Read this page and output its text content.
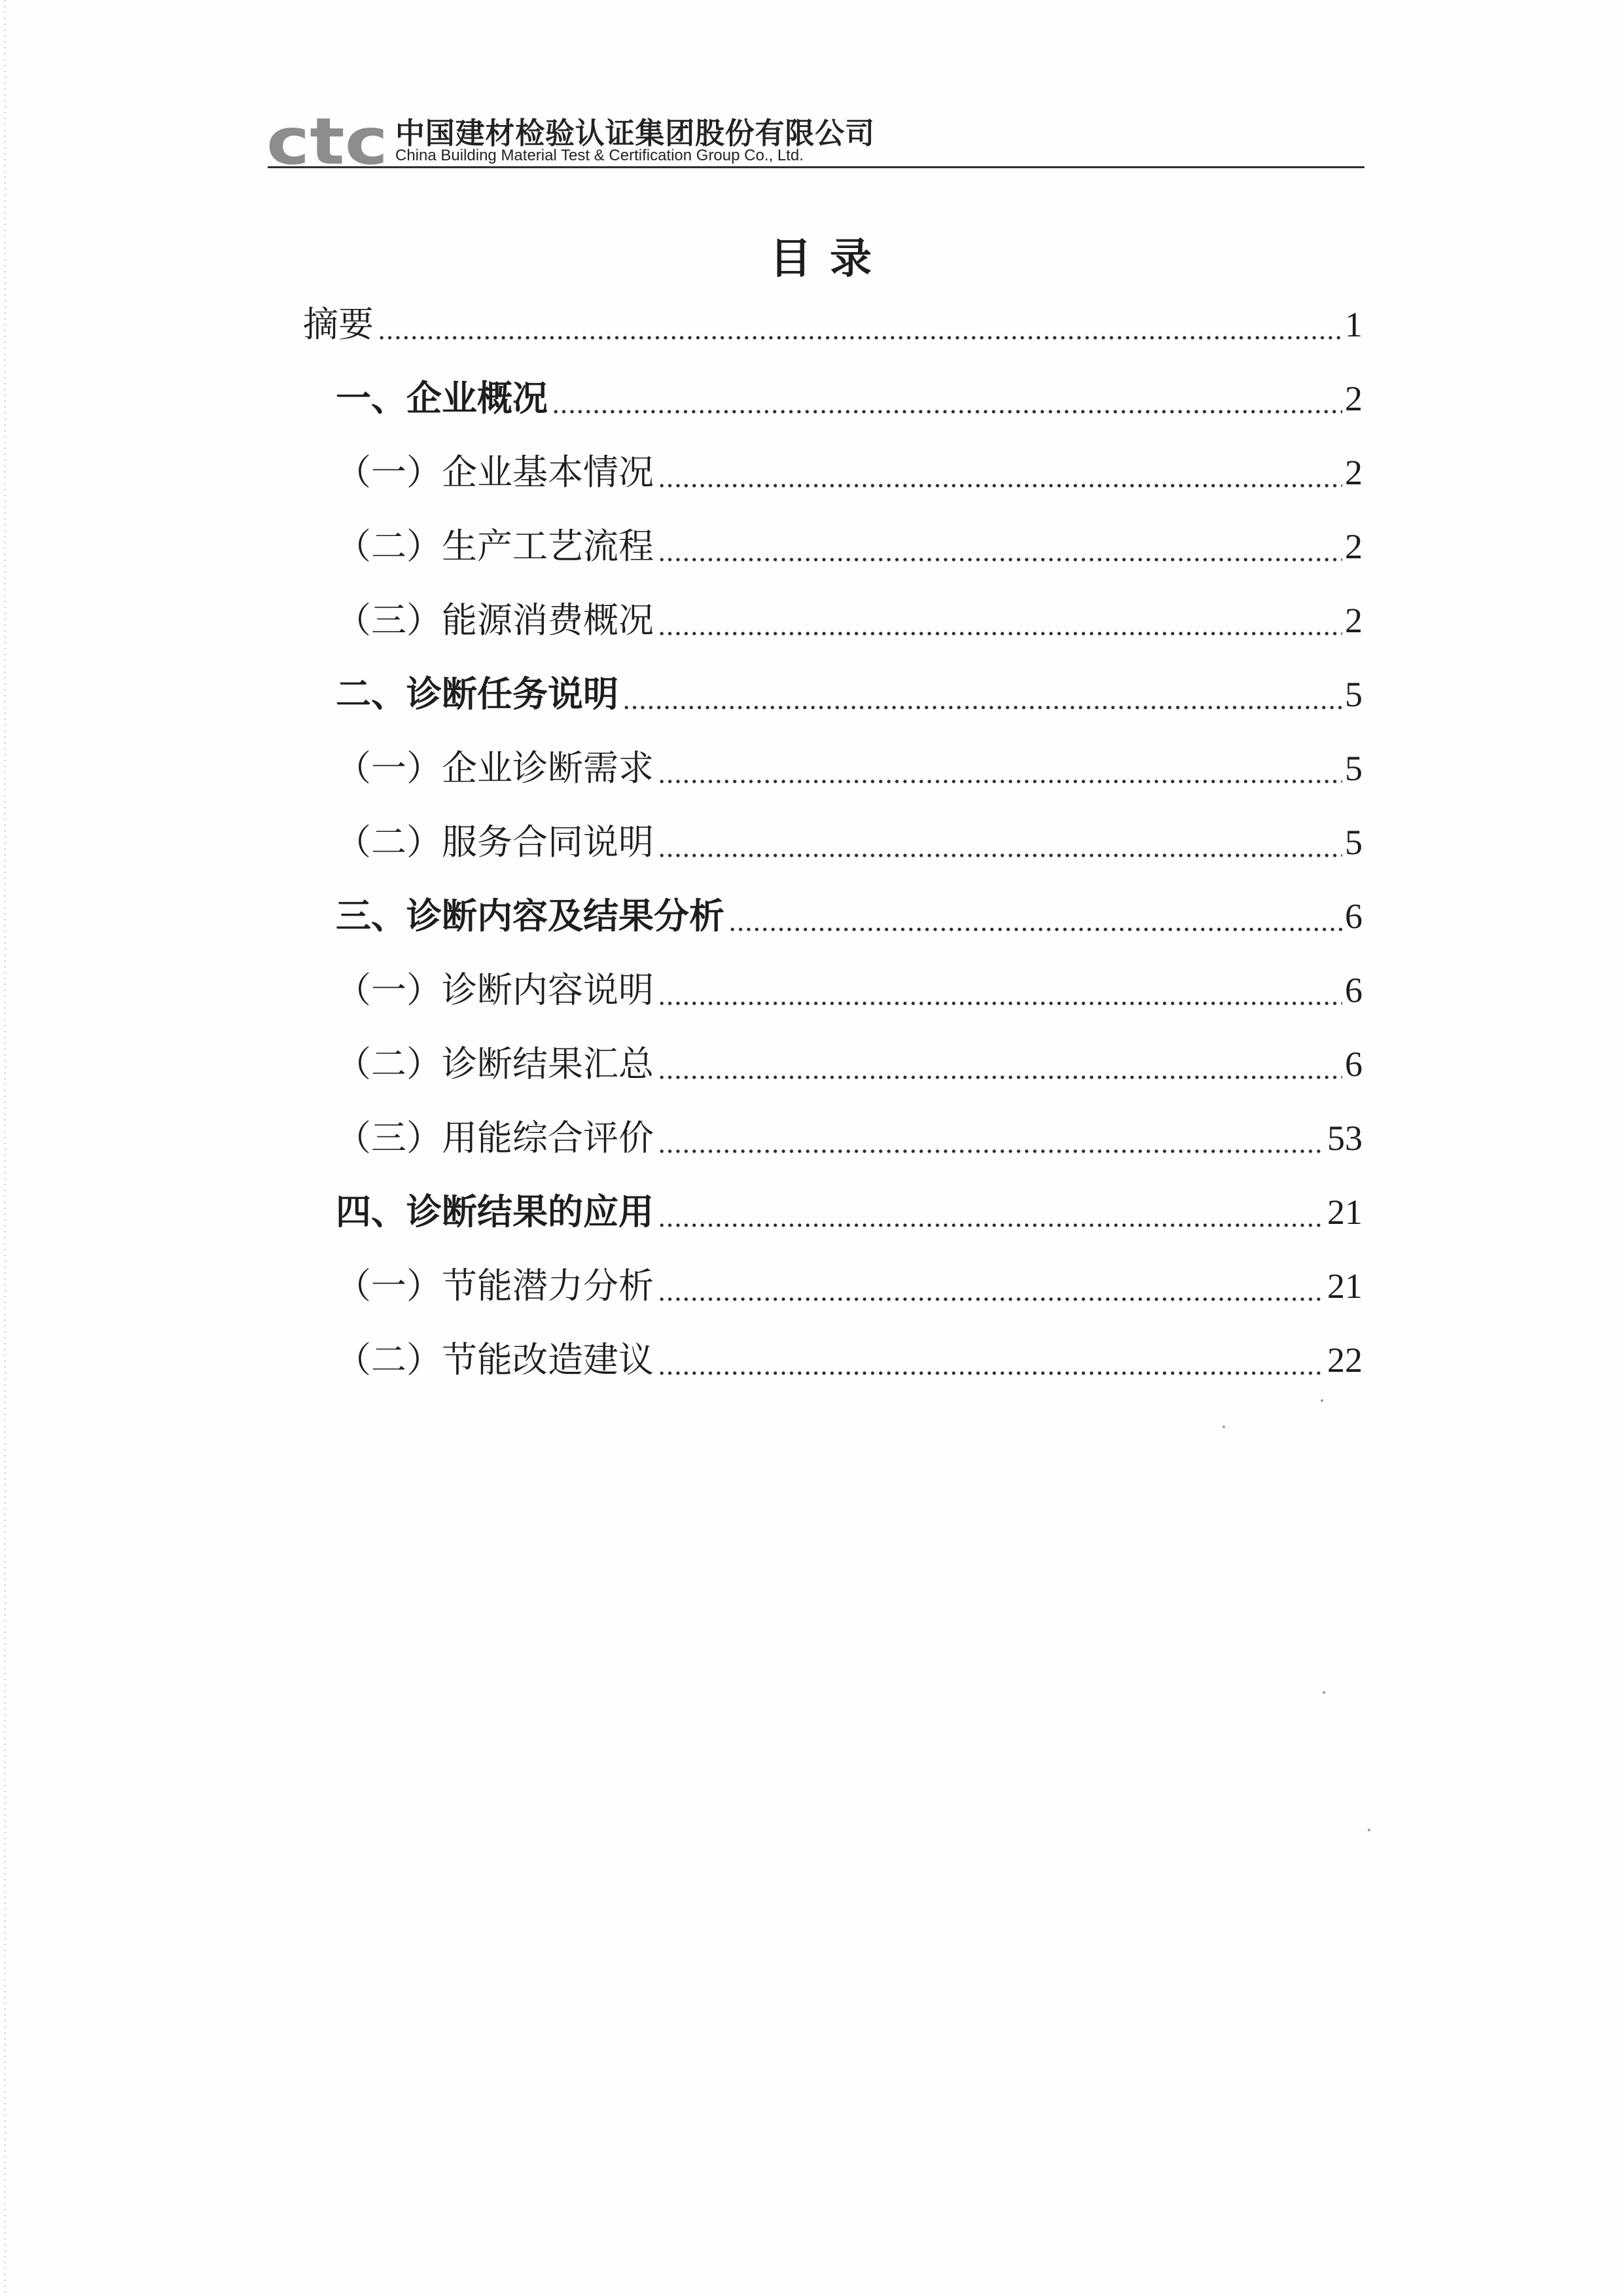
ctc 中国建材检验认证集团股份有限公司
China Building Material Test & Certification Group Co., Ltd.
目 录
摘要	1
一、企业概况	2
（一）企业基本情况	2
（二）生产工艺流程	2
（三）能源消费概况	2
二、诊断任务说明	5
（一）企业诊断需求	5
（二）服务合同说明	5
三、诊断内容及结果分析	6
（一）诊断内容说明	6
（二）诊断结果汇总	6
（三）用能综合评价	53
四、诊断结果的应用	21
（一）节能潜力分析	21
（二）节能改造建议	22
